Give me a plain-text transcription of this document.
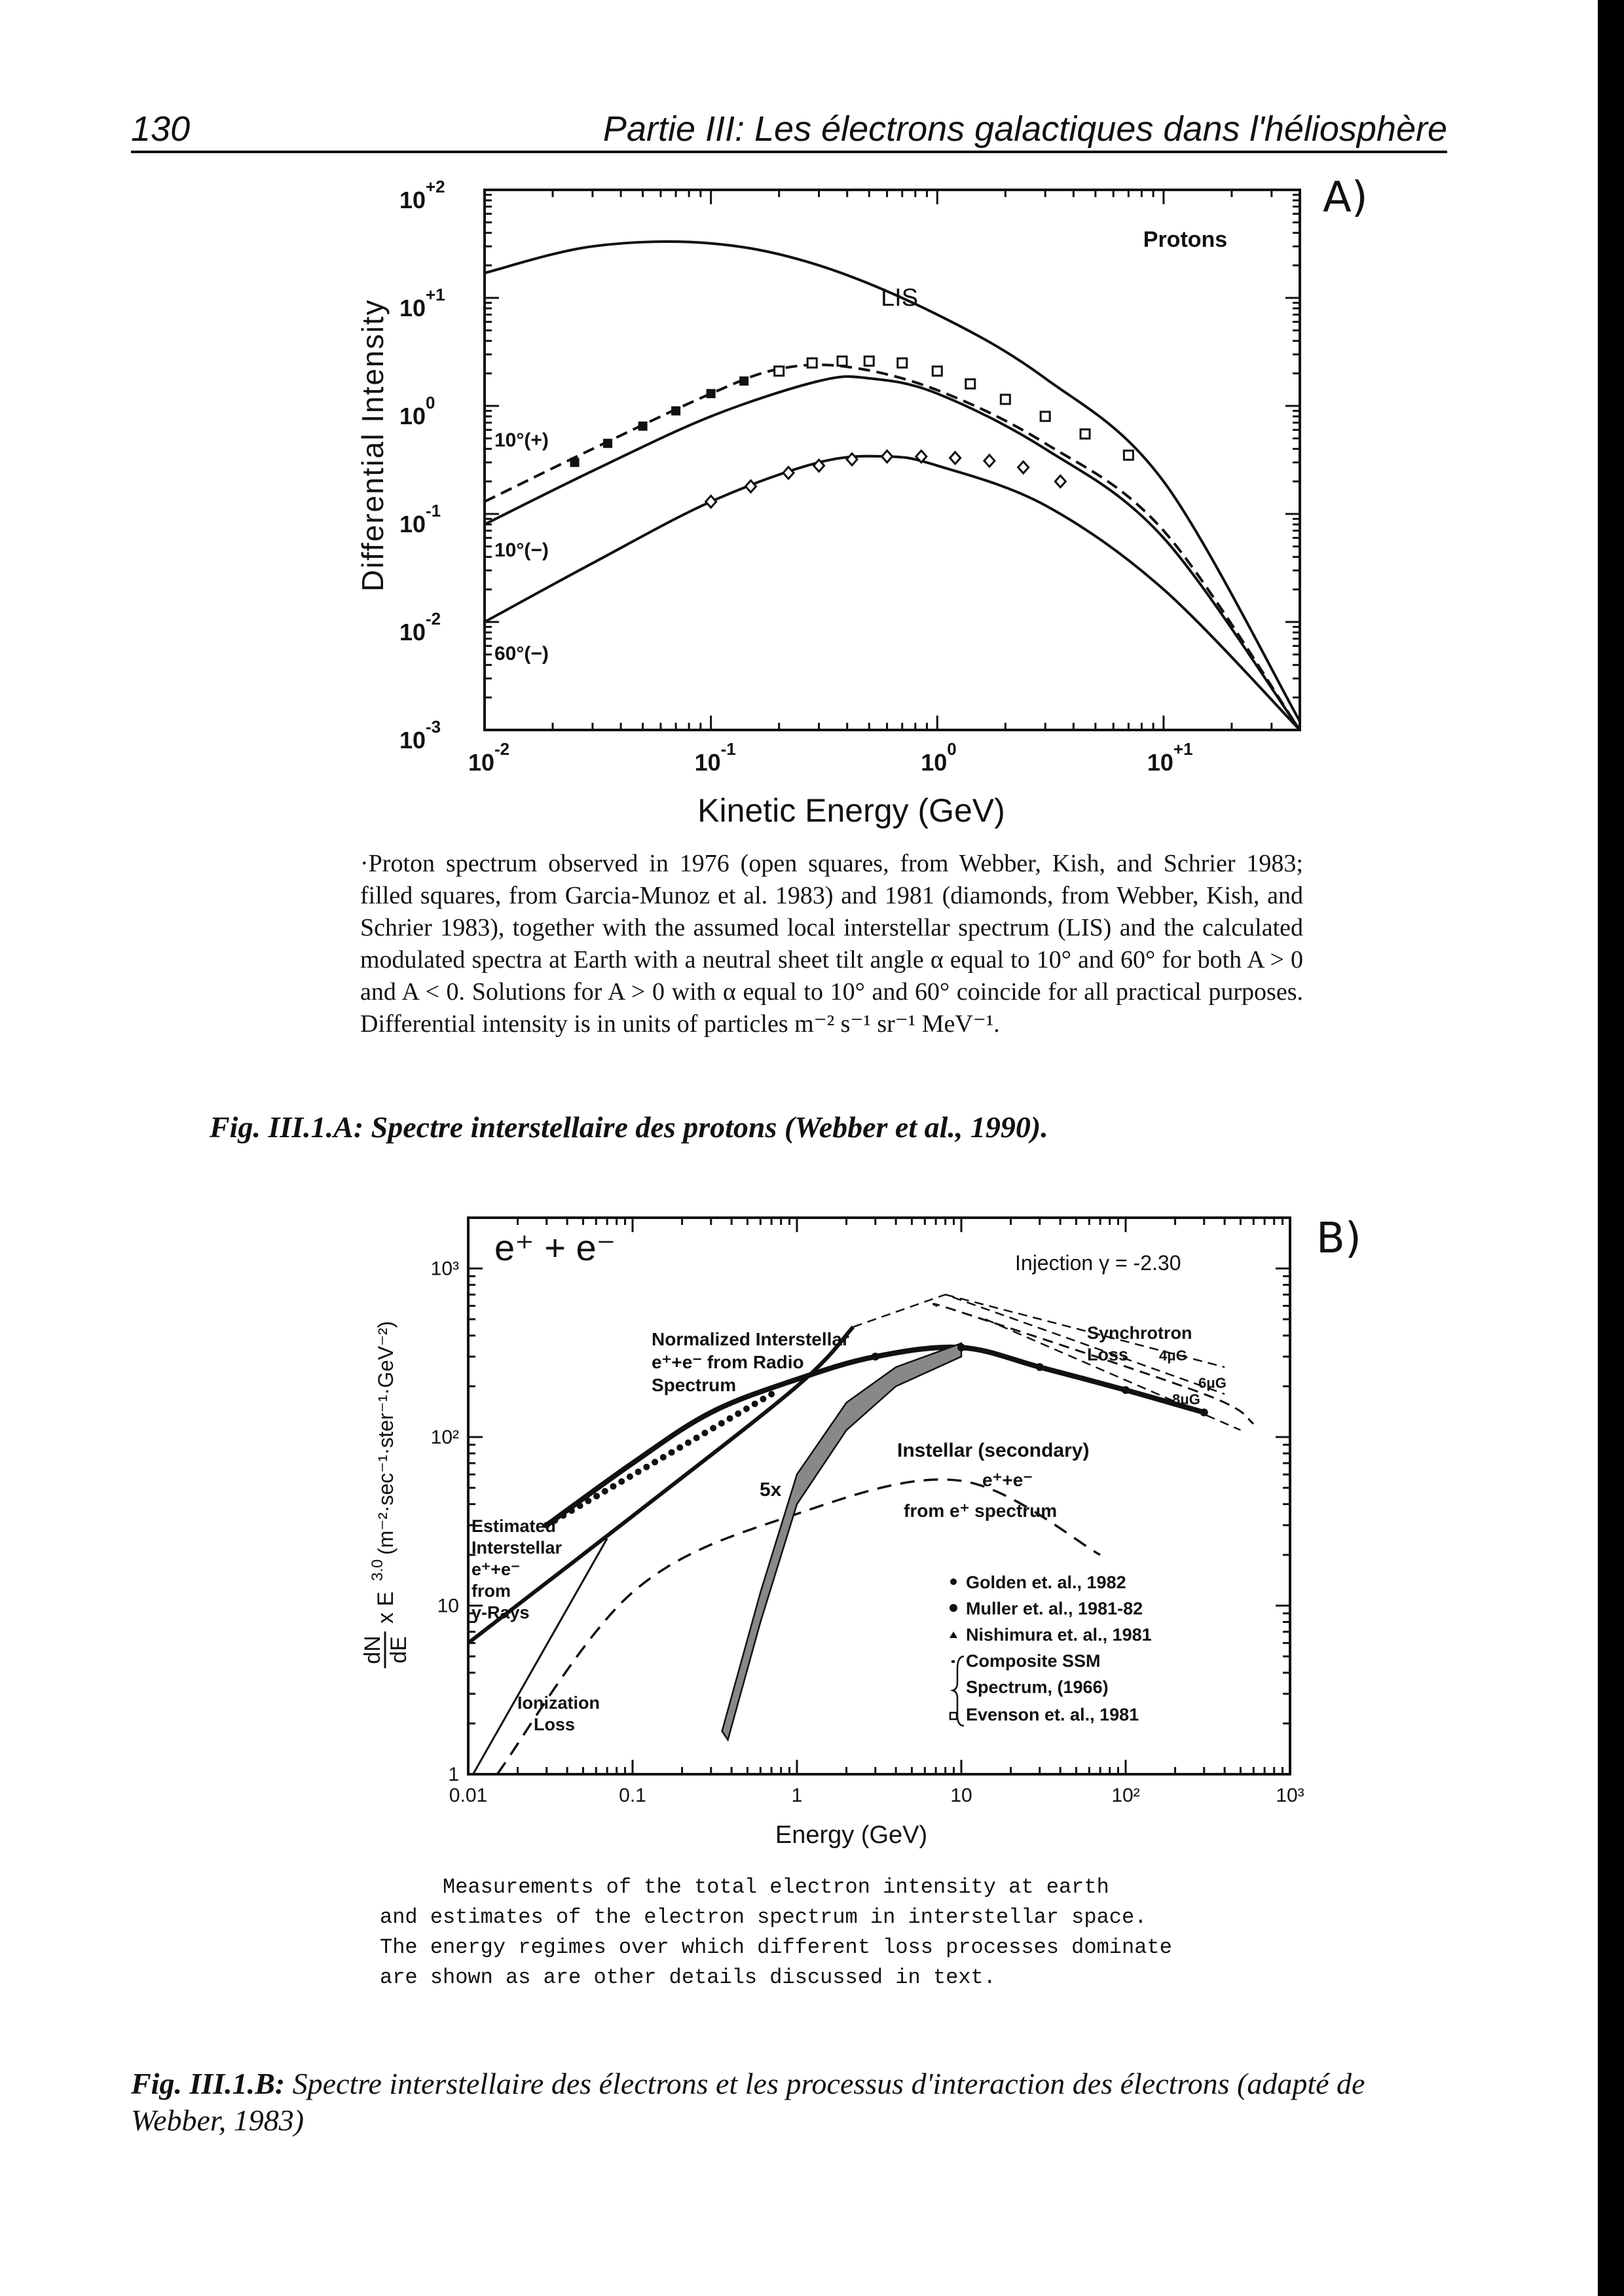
130	Partie III: Les électrons galactiques dans l'héliosphère
10 -2	10 -1	10 0	10 +1
10 +2
10 +1
10 0
10 -1
10 -2
10 -3
Differential Intensity
Kinetic Energy (GeV)
Protons
LIS
10°(+)
10°(−)
60°(−)
A)
·Proton spectrum observed in 1976 (open squares, from Webber, Kish, and Schrier 1983; filled squares, from Garcia-Munoz et al. 1983) and 1981 (diamonds, from Webber, Kish, and Schrier 1983), together with the assumed local interstellar spectrum (LIS) and the calculated modulated spectra at Earth with a neutral sheet tilt angle α equal to 10° and 60° for both A > 0 and A < 0. Solutions for A > 0 with α equal to 10° and 60° coincide for all practical purposes. Differential intensity is in units of particles m⁻² s⁻¹ sr⁻¹ MeV⁻¹.
Fig. III.1.A: Spectre interstellaire des protons (Webber et al., 1990).
0.01	0.1	1	10	10²	10³
10³
10²
10
1
dN dE
x E
3.0
(m⁻²·sec⁻¹·ster⁻¹·GeV⁻²)
Energy (GeV)
e⁺ + e⁻	Injection γ = -2.30
Normalized Interstellar
e⁺+e⁻ from Radio
Spectrum
Synchrotron
Loss 4μG
6μG
8μG
5x
Instellar (secondary)
e⁺+e⁻
from e⁺ spectrum
Estimated
Interstellar
e⁺+e⁻
from
γ-Rays
Ionization
Loss
Golden et. al., 1982
Muller et. al., 1981-82
Nishimura et. al., 1981
Composite SSM
Spectrum, (1966)
Evenson et. al., 1981
B)
Measurements of the total electron intensity at earth
and estimates of the electron spectrum in interstellar space.
The energy regimes over which different loss processes dominate
are shown as are other details discussed in text.
Fig. III.1.B: Spectre interstellaire des électrons et les processus d'interaction des électrons (adapté de Webber, 1983)
